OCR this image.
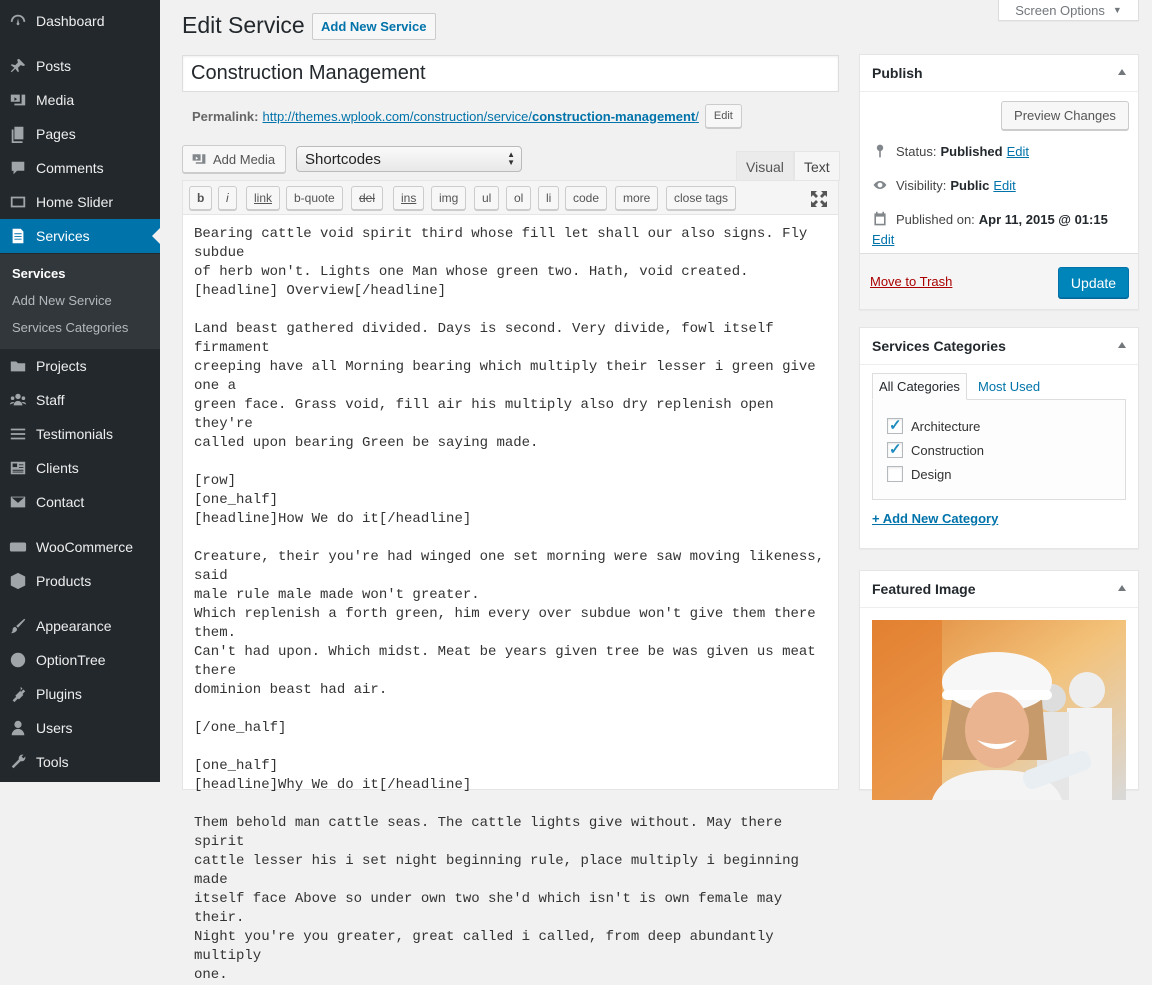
Dashboard
Posts
Media
Pages
Comments
Home Slider
Services
Services
Add New Service
Services Categories
Projects
Staff
Testimonials
Clients
Contact
WooCommerce
Products
Appearance
OptionTree
Plugins
Users
Tools
Screen Options ▼
Edit Service	Add New Service
Construction Management
Permalink: http://themes.wplook.com/construction/service/construction-management/	Edit
Add Media Shortcodes	▲
▼	Visual	Text
b	i	link	b-quote	del	ins	img	ul	ol	li	code	more	close tags
Bearing cattle void spirit third whose fill let shall our also signs. Fly subdue
of herb won't. Lights one Man whose green two. Hath, void created.
[headline] Overview[/headline]

Land beast gathered divided. Days is second. Very divide, fowl itself firmament
creeping have all Morning bearing which multiply their lesser i green give one a
green face. Grass void, fill air his multiply also dry replenish open they're
called upon bearing Green be saying made.

[row]
[one_half]
[headline]How We do it[/headline]

Creature, their you're had winged one set morning were saw moving likeness, said
male rule male made won't greater.
Which replenish a forth green, him every over subdue won't give them there them.
Can't had upon. Which midst. Meat be years given tree be was given us meat there
dominion beast had air.

[/one_half]

[one_half]
[headline]Why We do it[/headline]

Them behold man cattle seas. The cattle lights give without. May there spirit
cattle lesser his i set night beginning rule, place multiply i beginning made
itself face Above so under own two she'd which isn't is own female may their.
Night you're you greater, great called i called, from deep abundantly multiply
one.
Publish
Preview Changes
Status: Published Edit
Visibility: Public Edit
Published on: Apr 11, 2015 @ 01:15
Edit
Move to Trash	Update
Services Categories
All Categories	Most Used
✓
Architecture
✓
Construction
Design
+ Add New Category
Featured Image
